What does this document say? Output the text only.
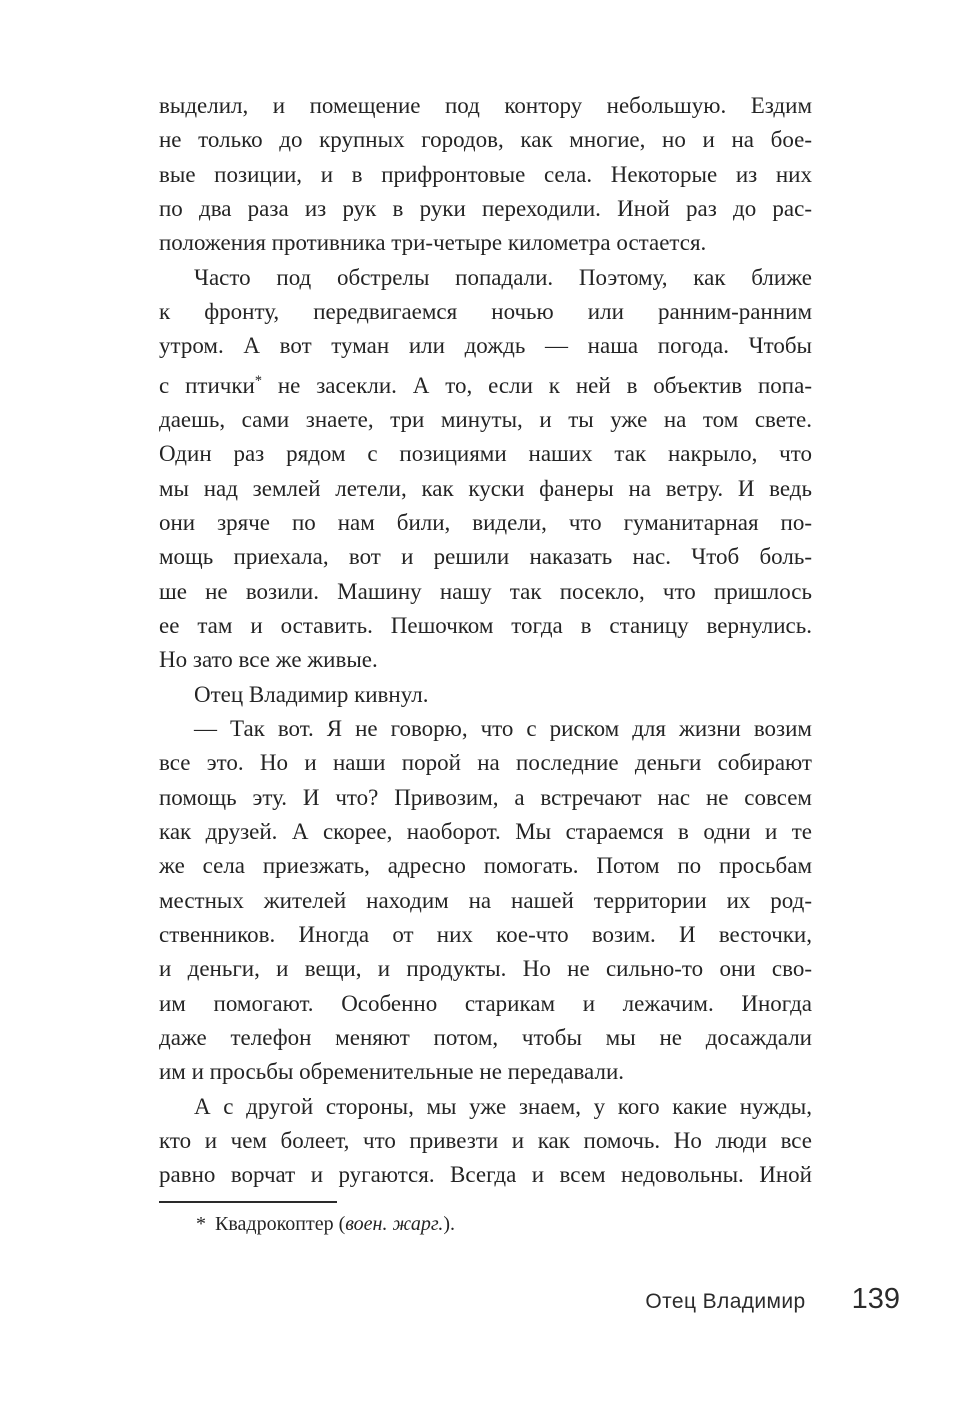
выделил, и помещение под контору небольшую. Ездим
не только до крупных городов, как многие, но и на бое-
вые позиции, и в прифронтовые села. Некоторые из них
по два раза из рук в руки переходили. Иной раз до рас-
положения противника три-четыре километра остается.
Часто под обстрелы попадали. Поэтому, как ближе
к фронту, передвигаемся ночью или ранним-ранним
утром. А вот туман или дождь — наша погода. Чтобы
с птички* не засекли. А то, если к ней в объектив попа-
даешь, сами знаете, три минуты, и ты уже на том свете.
Один раз рядом с позициями наших так накрыло, что
мы над землей летели, как куски фанеры на ветру. И ведь
они зряче по нам били, видели, что гуманитарная по-
мощь приехала, вот и решили наказать нас. Чтоб боль-
ше не возили. Машину нашу так посекло, что пришлось
ее там и оставить. Пешочком тогда в станицу вернулись.
Но зато все же живые.
Отец Владимир кивнул.
— Так вот. Я не говорю, что с риском для жизни возим
все это. Но и наши порой на последние деньги собирают
помощь эту. И что? Привозим, а встречают нас не совсем
как друзей. А скорее, наоборот. Мы стараемся в одни и те
же села приезжать, адресно помогать. Потом по просьбам
местных жителей находим на нашей территории их род-
ственников. Иногда от них кое-что возим. И весточки,
и деньги, и вещи, и продукты. Но не сильно-то они сво-
им помогают. Особенно старикам и лежачим. Иногда
даже телефон меняют потом, чтобы мы не досаждали
им и просьбы обременительные не передавали.
А с другой стороны, мы уже знаем, у кого какие нужды,
кто и чем болеет, что привезти и как помочь. Но люди все
равно ворчат и ругаются. Всегда и всем недовольны. Иной

* Квадрокоптер (воен. жарг.).

Отец Владимир 139
